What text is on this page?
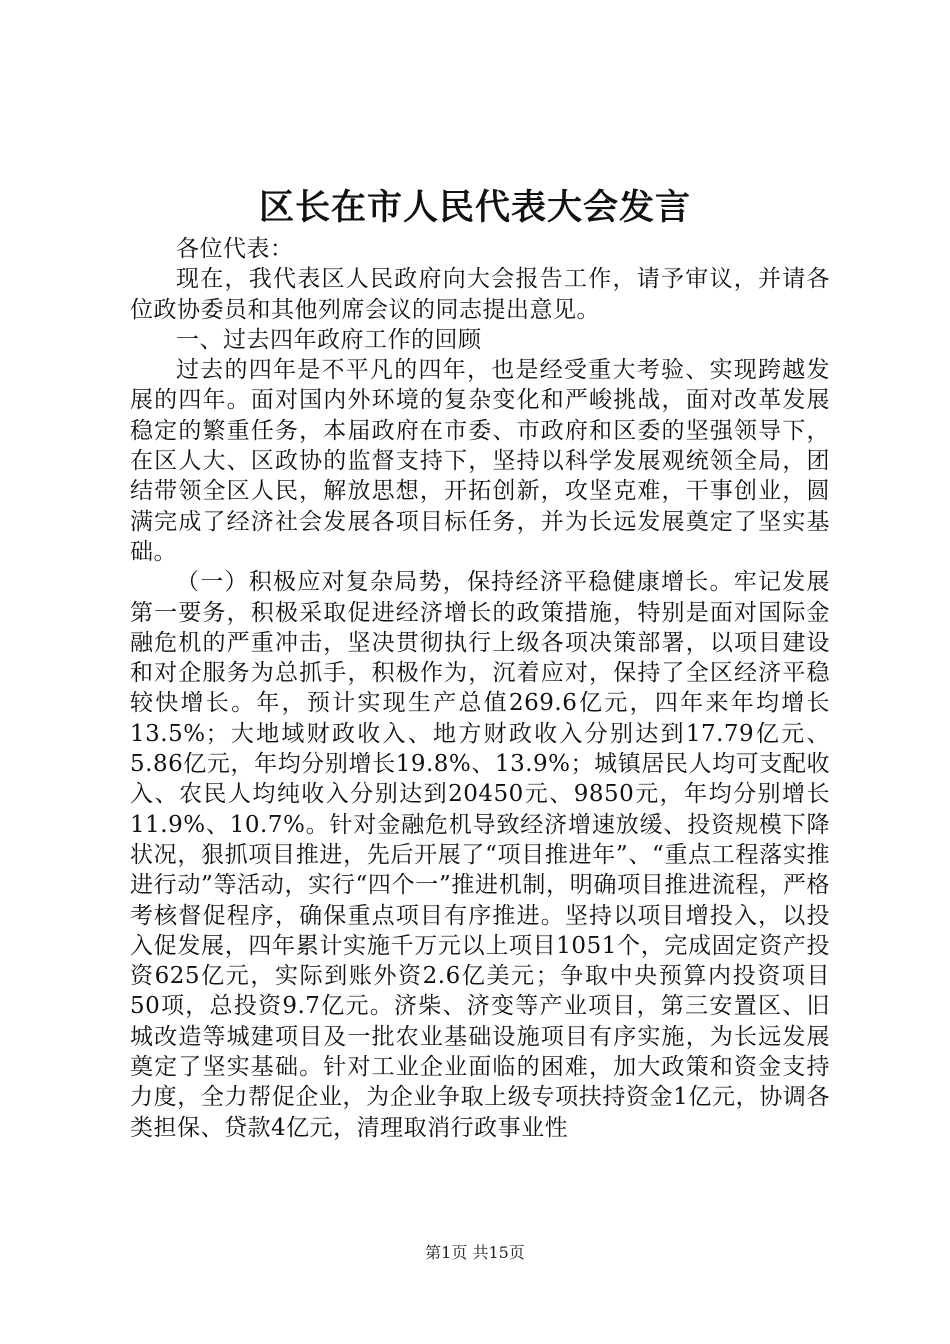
区长在市人民代表大会发言

各位代表：

现在，我代表区人民政府向大会报告工作，请予审议，并请各位政协委员和其他列席会议的同志提出意见。

一、过去四年政府工作的回顾

过去的四年是不平凡的四年，也是经受重大考验、实现跨越发展的四年。面对国内外环境的复杂变化和严峻挑战，面对改革发展稳定的繁重任务，本届政府在市委、市政府和区委的坚强领导下，在区人大、区政协的监督支持下，坚持以科学发展观统领全局，团结带领全区人民，解放思想，开拓创新，攻坚克难，干事创业，圆满完成了经济社会发展各项目标任务，并为长远发展奠定了坚实基础。

（一）积极应对复杂局势，保持经济平稳健康增长。牢记发展第一要务，积极采取促进经济增长的政策措施，特别是面对国际金融危机的严重冲击，坚决贯彻执行上级各项决策部署，以项目建设和对企服务为总抓手，积极作为，沉着应对，保持了全区经济平稳较快增长。年，预计实现生产总值269.6亿元，四年来年均增长13.5%；大地域财政收入、地方财政收入分别达到17.79亿元、5.86亿元，年均分别增长19.8%、13.9%；城镇居民人均可支配收入、农民人均纯收入分别达到20450元、9850元，年均分别增长11.9%、10.7%。针对金融危机导致经济增速放缓、投资规模下降状况，狠抓项目推进，先后开展了“项目推进年”、“重点工程落实推进行动”等活动，实行“四个一”推进机制，明确项目推进流程，严格考核督促程序，确保重点项目有序推进。坚持以项目增投入，以投入促发展，四年累计实施千万元以上项目1051个，完成固定资产投资625亿元，实际到账外资2.6亿美元；争取中央预算内投资项目50项，总投资9.7亿元。济柴、济变等产业项目，第三安置区、旧城改造等城建项目及一批农业基础设施项目有序实施，为长远发展奠定了坚实基础。针对工业企业面临的困难，加大政策和资金支持力度，全力帮促企业，为企业争取上级专项扶持资金1亿元，协调各类担保、贷款4亿元，清理取消行政事业性

第1页 共15页
